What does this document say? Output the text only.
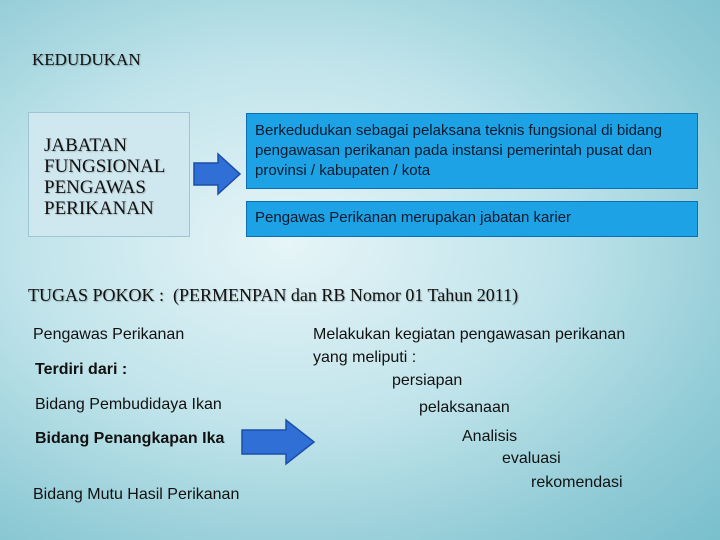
KEDUDUKAN
JABATAN
FUNGSIONAL
PENGAWAS
PERIKANAN
Berkedudukan sebagai pelaksana teknis fungsional di bidang pengawasan perikanan pada instansi pemerintah pusat dan provinsi / kabupaten / kota
Pengawas Perikanan merupakan jabatan karier
TUGAS POKOK :  (PERMENPAN dan RB Nomor 01 Tahun 2011)
Pengawas Perikanan
Terdiri dari :
Bidang Pembudidaya Ikan
Bidang Penangkapan Ika
Bidang Mutu Hasil Perikanan
Melakukan kegiatan pengawasan perikanan
yang meliputi :
persiapan
pelaksanaan
Analisis
evaluasi
rekomendasi
